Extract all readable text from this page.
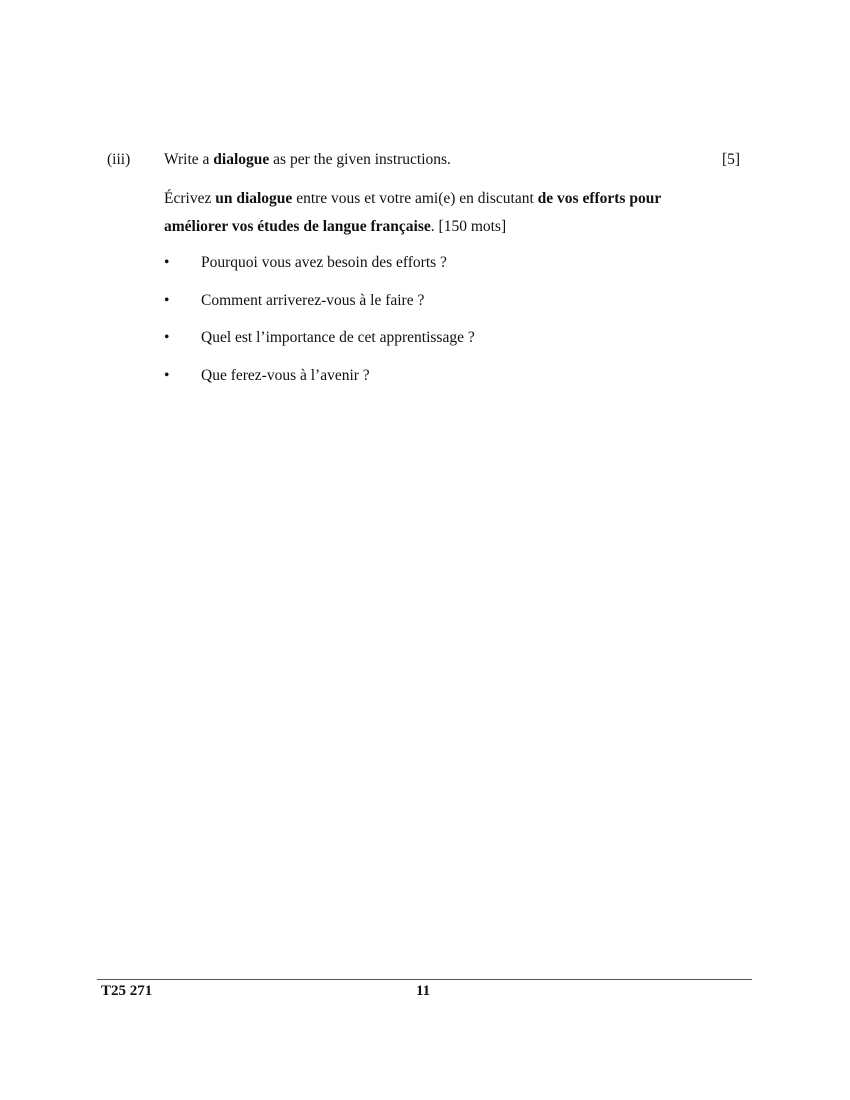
(iii) Write a dialogue as per the given instructions.	[5]
Écrivez un dialogue entre vous et votre ami(e) en discutant de vos efforts pour améliorer vos études de langue française. [150 mots]
• Pourquoi vous avez besoin des efforts ?
• Comment arriverez-vous à le faire ?
• Quel est l’importance de cet apprentissage ?
• Que ferez-vous à l’avenir ?
T25 271	11
